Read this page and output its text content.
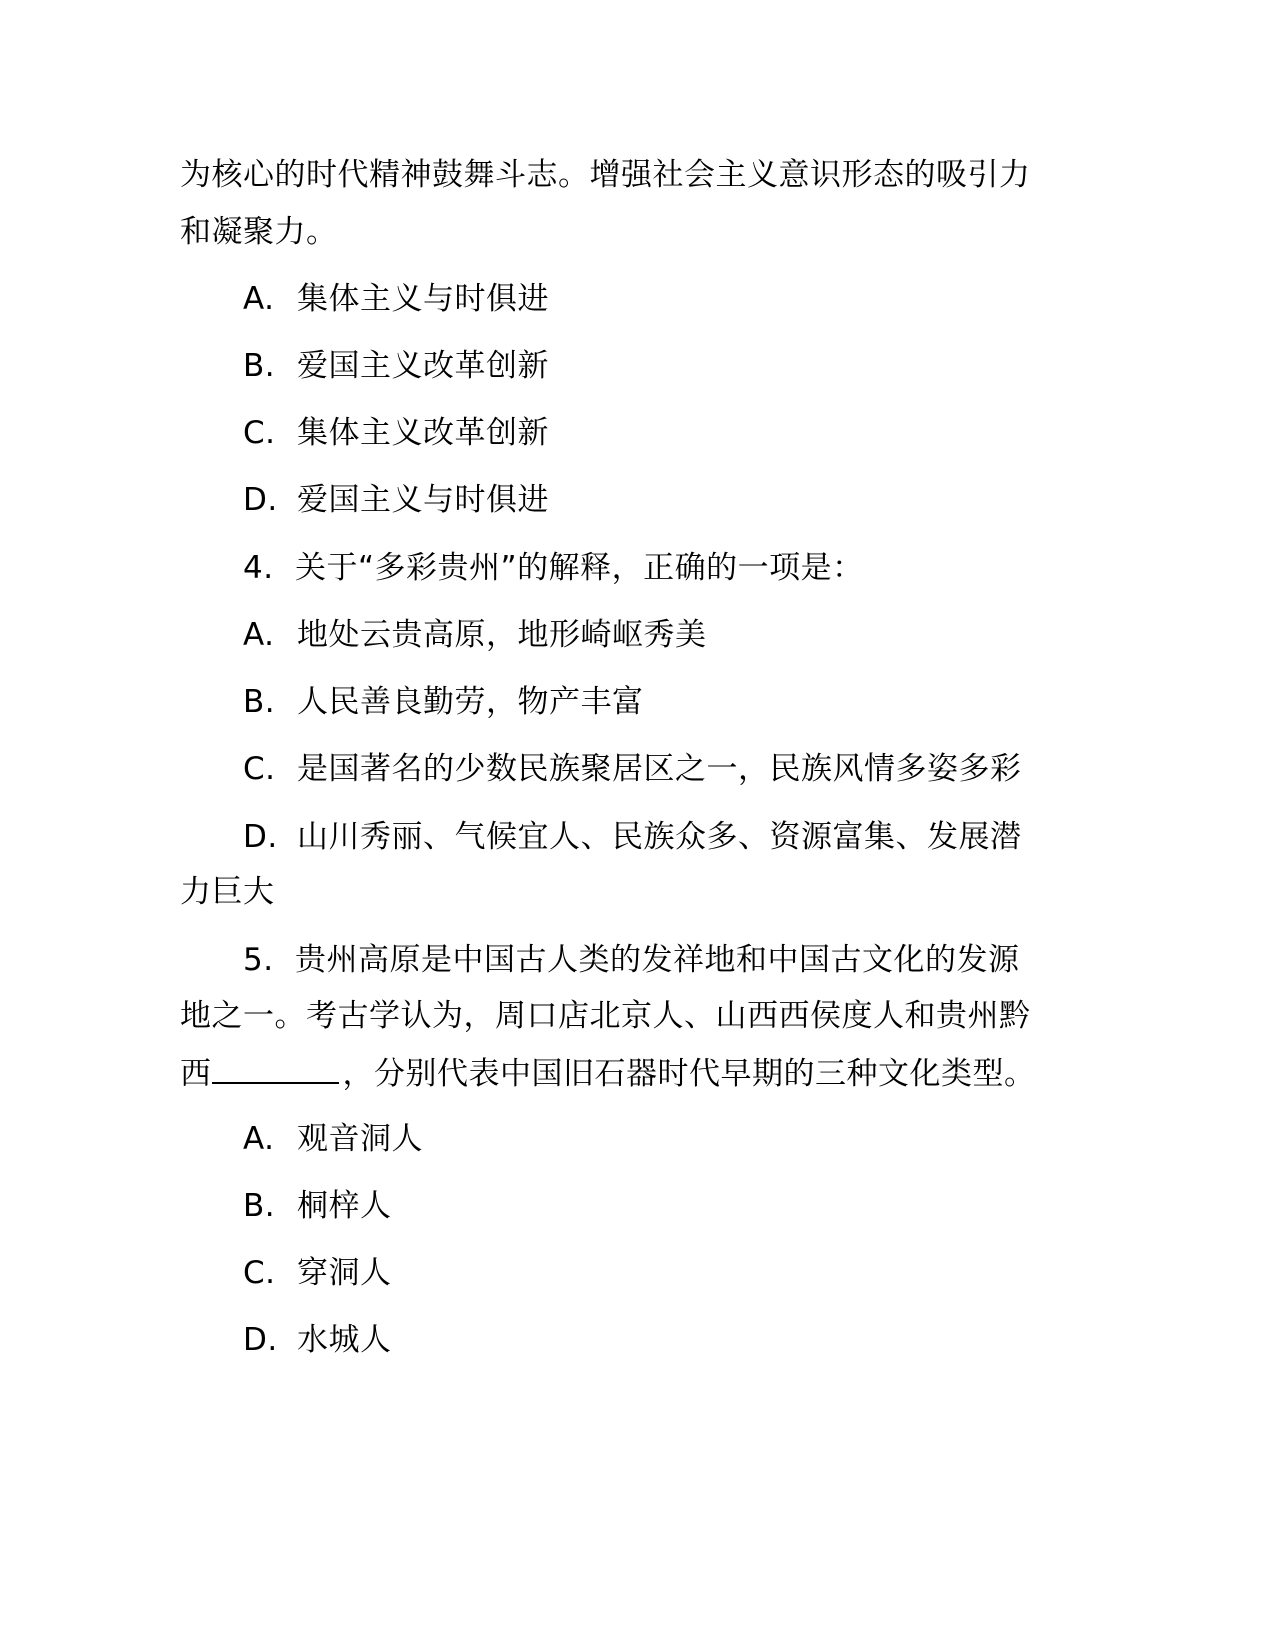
为核心的时代精神鼓舞斗志。增强社会主义意识形态的吸引力
和凝聚力。
A. 集体主义与时俱进
B. 爱国主义改革创新
C. 集体主义改革创新
D. 爱国主义与时俱进
4. 关于“多彩贵州”的解释，正确的一项是：
A. 地处云贵高原，地形崎岖秀美
B. 人民善良勤劳，物产丰富
C. 是国著名的少数民族聚居区之一，民族风情多姿多彩
D. 山川秀丽、气候宜人、民族众多、资源富集、发展潜
力巨大
5. 贵州高原是中国古人类的发祥地和中国古文化的发源
地之一。考古学认为，周口店北京人、山西西侯度人和贵州黔
西	，分别代表中国旧石器时代早期的三种文化类型。
A. 观音洞人
B. 桐梓人
C. 穿洞人
D. 水城人
